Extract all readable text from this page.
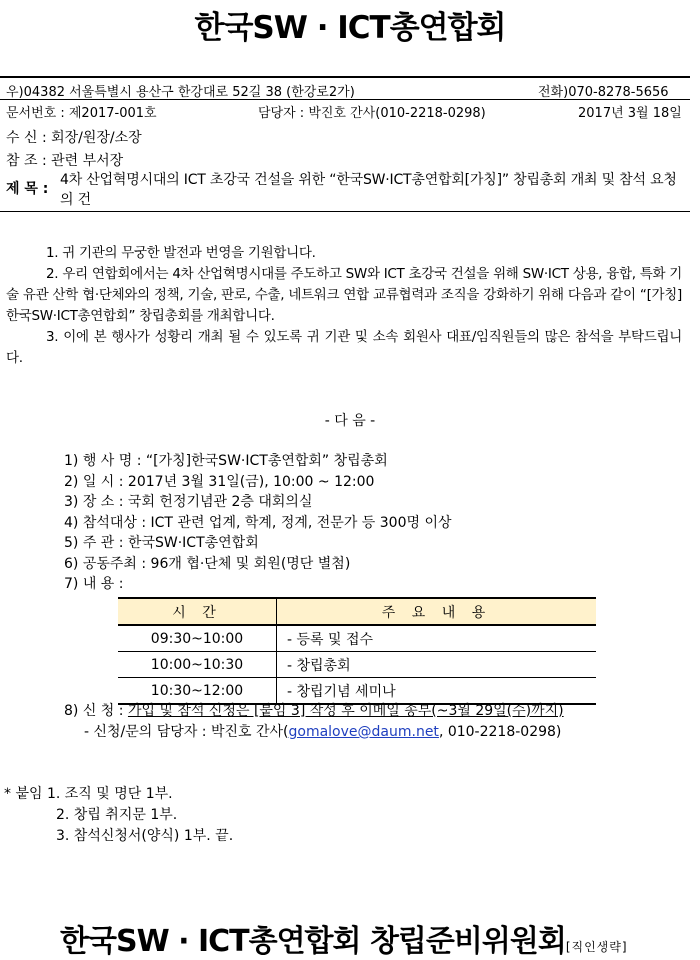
한국SW · ICT총연합회
우)04382 서울특별시 용산구 한강대로 52길 38 (한강로2가)	전화)070-8278-5656
문서번호 : 제2017-001호	담당자 : 박진호 간사(010-2218-0298)	2017년 3월 18일
수 신 : 회장/원장/소장
참 조 : 관련 부서장
제 목 :
4차 산업혁명시대의 ICT 초강국 건설을 위한 “한국SW·ICT총연합회[가칭]” 창립총회 개최 및 참석 요청의 건

1. 귀 기관의 무궁한 발전과 번영을 기원합니다.

2. 우리 연합회에서는 4차 산업혁명시대를 주도하고 SW와 ICT 초강국 건설을 위해 SW·ICT 상용, 융합, 특화 기술 유관 산학 협·단체와의 정책, 기술, 판로, 수출, 네트워크 연합 교류협력과 조직을 강화하기 위해 다음과 같이 “[가칭]한국SW·ICT총연합회” 창립총회를 개최합니다.

3. 이에 본 행사가 성황리 개최 될 수 있도록 귀 기관 및 소속 회원사 대표/임직원들의 많은 참석을 부탁드립니다.

- 다 음 -
1) 행 사 명 : “[가칭]한국SW·ICT총연합회” 창립총회
2) 일 시 : 2017년 3월 31일(금), 10:00 ~ 12:00
3) 장 소 : 국회 헌정기념관 2층 대회의실
4) 참석대상 : ICT 관련 업계, 학계, 정계, 전문가 등 300명 이상
5) 주 관 : 한국SW·ICT총연합회
6) 공동주최 : 96개 협·단체 및 회원(명단 별첨)
7) 내 용 :
시 간	주 요 내 용
09:30~10:00	- 등록 및 접수
10:00~10:30	- 창립총회
10:30~12:00	- 창립기념 세미나
8) 신 청 : 가입 및 참석 신청은 [붙임 3] 작성 후 이메일 송부(~3월 29일(수)까지)
- 신청/문의 담당자 : 박진호 간사(gomalove@daum.net, 010-2218-0298)
* 붙임 1. 조직 및 명단 1부.
2. 창립 취지문 1부.
3. 참석신청서(양식) 1부. 끝.
한국SW · ICT총연합회 창립준비위원회[직인생략]
